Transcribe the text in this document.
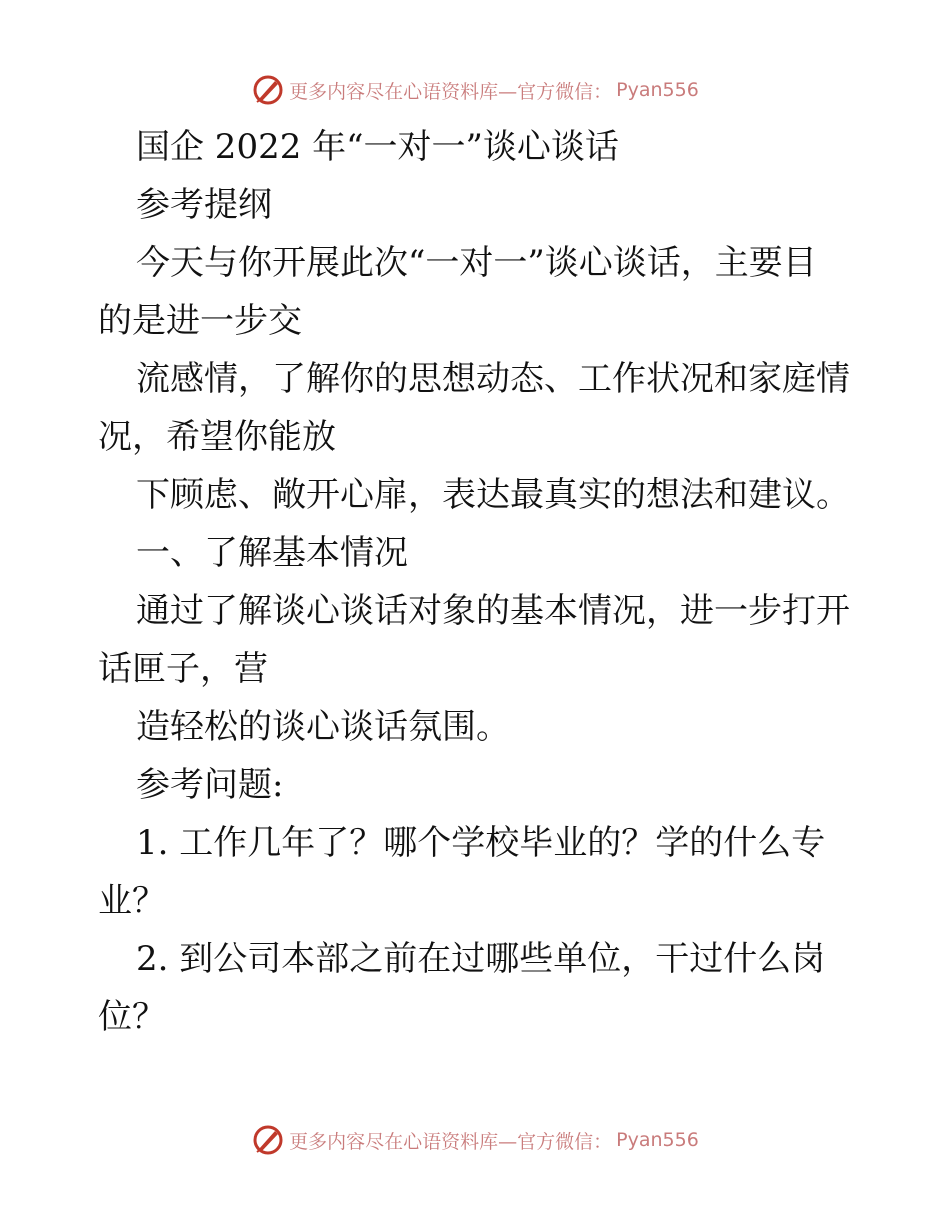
更多内容尽在心语资料库—官方微信： Pyan556
国企 2022 年“一对一”谈心谈话
参考提纲
今天与你开展此次“一对一”谈心谈话，主要目
的是进一步交
流感情，了解你的思想动态、工作状况和家庭情
况，希望你能放
下顾虑、敞开心扉，表达最真实的想法和建议。
一、了解基本情况
通过了解谈心谈话对象的基本情况，进一步打开
话匣子，营
造轻松的谈心谈话氛围。
参考问题:
1. 工作几年了？哪个学校毕业的？学的什么专
业？
2. 到公司本部之前在过哪些单位，干过什么岗
位？
更多内容尽在心语资料库—官方微信： Pyan556
